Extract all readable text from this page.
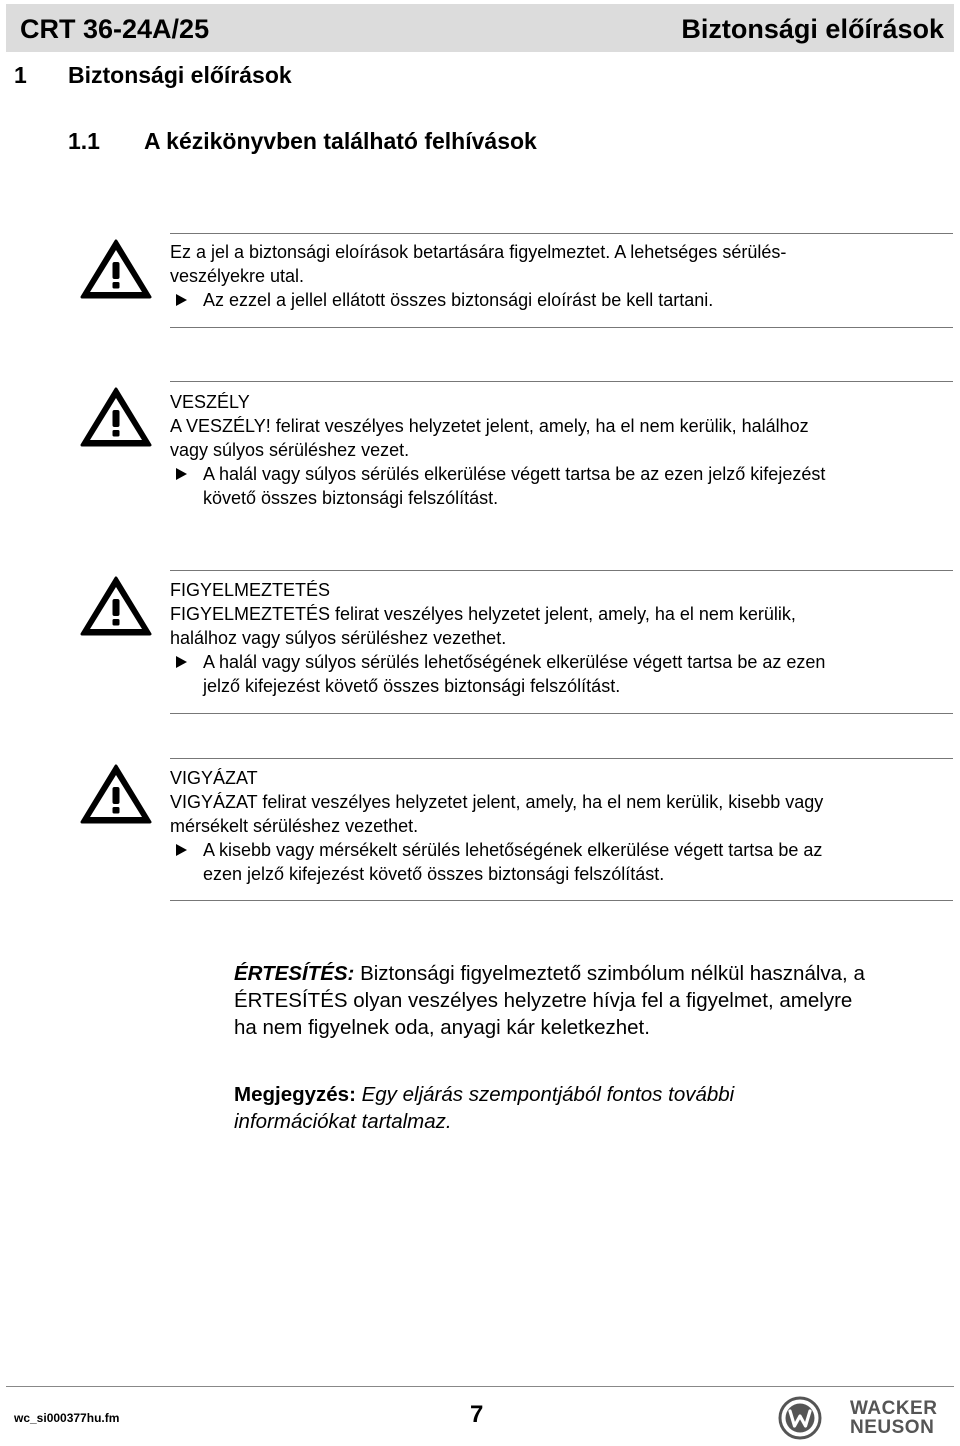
CRT 36-24A/25	Biztonsági előírások
1 Biztonsági előírások
1.1 A kézikönyvben található felhívások
Ez a jel a biztonsági eloírások betartására figyelmeztet. A lehetséges sérülés-
veszélyekre utal.
Az ezzel a jellel ellátott összes biztonsági eloírást be kell tartani.
VESZÉLY
A VESZÉLY! felirat veszélyes helyzetet jelent, amely, ha el nem kerülik, halálhoz
vagy súlyos sérüléshez vezet.
A halál vagy súlyos sérülés elkerülése végett tartsa be az ezen jelző kifejezést
követő összes biztonsági felszólítást.
FIGYELMEZTETÉS
FIGYELMEZTETÉS felirat veszélyes helyzetet jelent, amely, ha el nem kerülik,
halálhoz vagy súlyos sérüléshez vezethet.
A halál vagy súlyos sérülés lehetőségének elkerülése végett tartsa be az ezen
jelző kifejezést követő összes biztonsági felszólítást.
VIGYÁZAT
VIGYÁZAT felirat veszélyes helyzetet jelent, amely, ha el nem kerülik, kisebb vagy
mérsékelt sérüléshez vezethet.
A kisebb vagy mérsékelt sérülés lehetőségének elkerülése végett tartsa be az
ezen jelző kifejezést követő összes biztonsági felszólítást.
ÉRTESÍTÉS: Biztonsági figyelmeztető szimbólum nélkül használva, a
ÉRTESÍTÉS olyan veszélyes helyzetre hívja fel a figyelmet, amelyre
ha nem figyelnek oda, anyagi kár keletkezhet.
Megjegyzés: Egy eljárás szempontjából fontos további
információkat tartalmaz.
wc_si000377hu.fm	7	WACKER
NEUSON
